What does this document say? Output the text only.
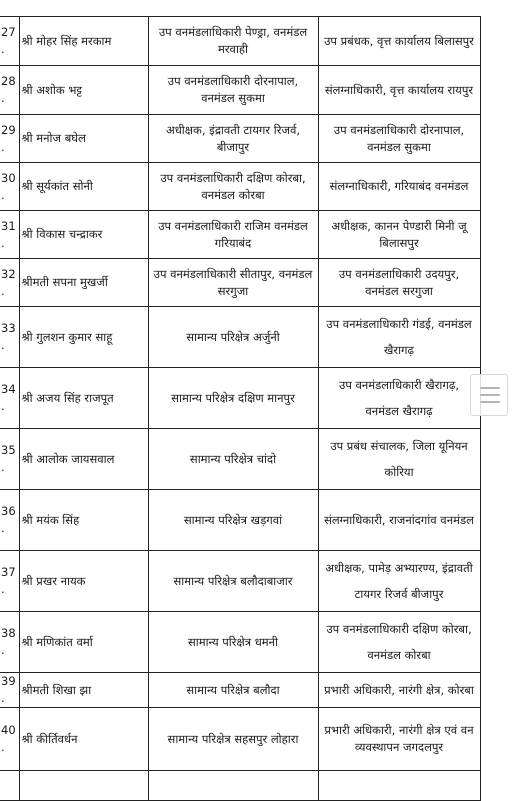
27.	श्री मोहर सिंह मरकाम	उप वनमंडलाधिकारी पेण्ड्रा, वनमंडल मरवाही	उप प्रबंधक, वृत्त कार्यालय बिलासपुर
28.	श्री अशोक भट्ट	उप वनमंडलाधिकारी दोरनापाल, वनमंडल सुकमा	संलग्नाधिकारी, वृत्त कार्यालय रायपुर
29.	श्री मनोज बघेल	अधीक्षक, इंद्रावती टायगर रिजर्व, बीजापुर	उप वनमंडलाधिकारी दोरनापाल, वनमंडल सुकमा
30.	श्री सूर्यकांत सोनी	उप वनमंडलाधिकारी दक्षिण कोरबा, वनमंडल कोरबा	संलग्नाधिकारी, गरियाबंद वनमंडल
31.	श्री विकास चन्द्राकर	उप वनमंडलाधिकारी राजिम वनमंडल गरियाबंद	अधीक्षक, कानन पेण्डारी मिनी जू बिलासपुर
32.	श्रीमती सपना मुखर्जी	उप वनमंडलाधिकारी सीतापुर, वनमंडल सरगुजा	उप वनमंडलाधिकारी उदयपुर, वनमंडल सरगुजा
33.	श्री गुलशन कुमार साहू	सामान्य परिक्षेत्र अर्जुनी	उप वनमंडलाधिकारी गंडई, वनमंडल खैरागढ़
34.	श्री अजय सिंह राजपूत	सामान्य परिक्षेत्र दक्षिण मानपुर	उप वनमंडलाधिकारी खैरागढ़, वनमंडल खैरागढ़
35.	श्री आलोक जायसवाल	सामान्य परिक्षेत्र चांदो	उप प्रबंध संचालक, जिला यूनियन कोरिया
36.	श्री मयंक सिंह	सामान्य परिक्षेत्र खड़गवां	संलग्नाधिकारी, राजनांदगांव वनमंडल
37.	श्री प्रखर नायक	सामान्य परिक्षेत्र बलौदाबाजार	अधीक्षक, पामेड़ अभ्यारण्य, इंद्रावती टायगर रिजर्व बीजापुर
38.	श्री मणिकांत वर्मा	सामान्य परिक्षेत्र धमनी	उप वनमंडलाधिकारी दक्षिण कोरबा, वनमंडल कोरबा
39.	श्रीमती शिखा झा	सामान्य परिक्षेत्र बलौदा	प्रभारी अधिकारी, नारंगी क्षेत्र, कोरबा
40.	श्री कीर्तिवर्धन	सामान्य परिक्षेत्र सहसपुर लोहारा	प्रभारी अधिकारी, नारंगी क्षेत्र एवं वन व्यवस्थापन जगदलपुर
